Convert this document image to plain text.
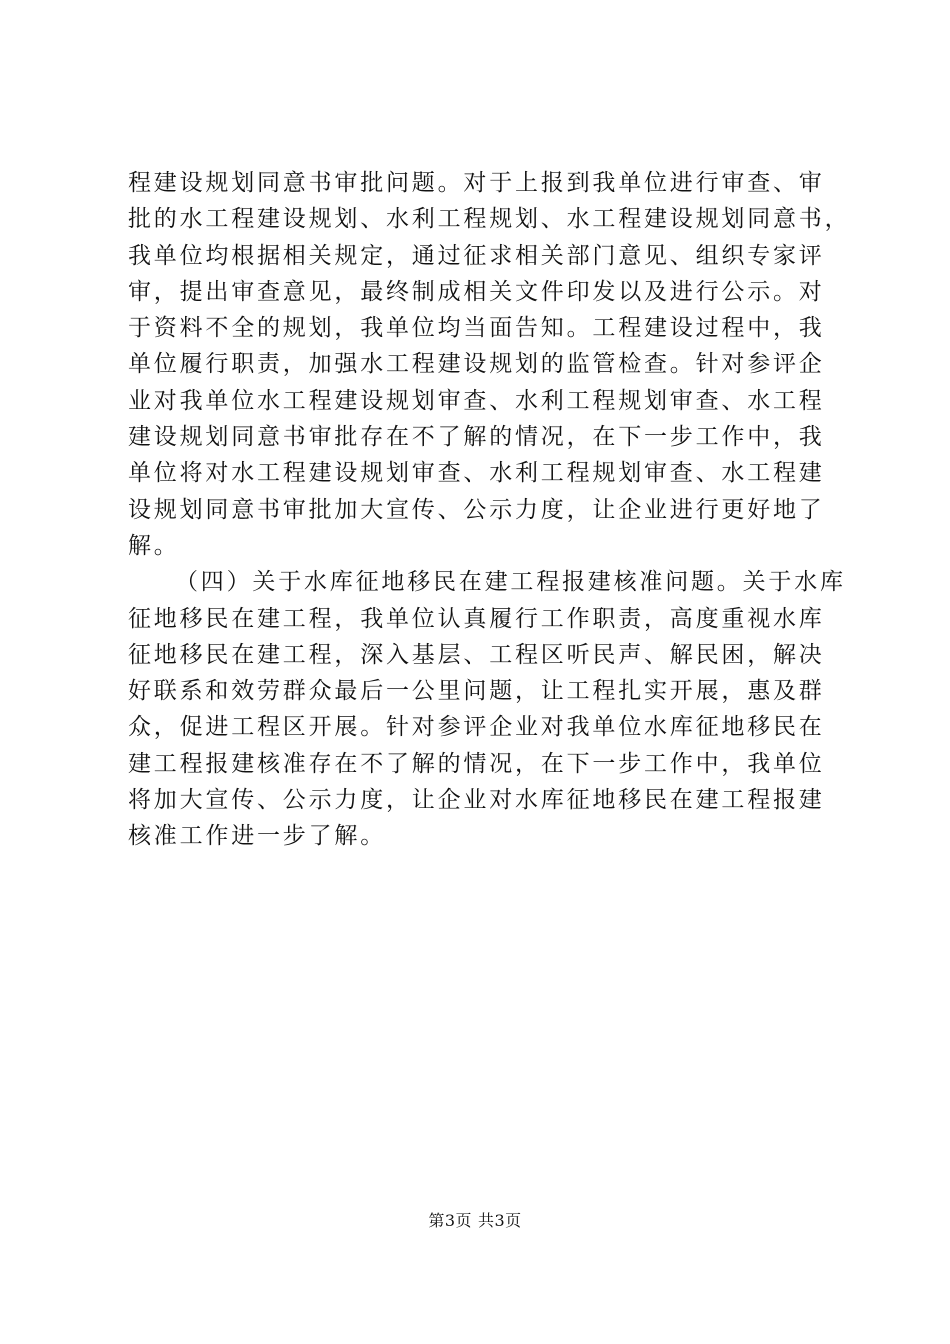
程建设规划同意书审批问题。对于上报到我单位进行审查、审
批的水工程建设规划、水利工程规划、水工程建设规划同意书，
我单位均根据相关规定，通过征求相关部门意见、组织专家评
审，提出审查意见，最终制成相关文件印发以及进行公示。对
于资料不全的规划，我单位均当面告知。工程建设过程中，我
单位履行职责，加强水工程建设规划的监管检查。针对参评企
业对我单位水工程建设规划审查、水利工程规划审查、水工程
建设规划同意书审批存在不了解的情况，在下一步工作中，我
单位将对水工程建设规划审查、水利工程规划审查、水工程建
设规划同意书审批加大宣传、公示力度，让企业进行更好地了
解。
（四）关于水库征地移民在建工程报建核准问题。关于水库
征地移民在建工程，我单位认真履行工作职责，高度重视水库
征地移民在建工程，深入基层、工程区听民声、解民困，解决
好联系和效劳群众最后一公里问题，让工程扎实开展，惠及群
众，促进工程区开展。针对参评企业对我单位水库征地移民在
建工程报建核准存在不了解的情况，在下一步工作中，我单位
将加大宣传、公示力度，让企业对水库征地移民在建工程报建
核准工作进一步了解。
第3页 共3页
